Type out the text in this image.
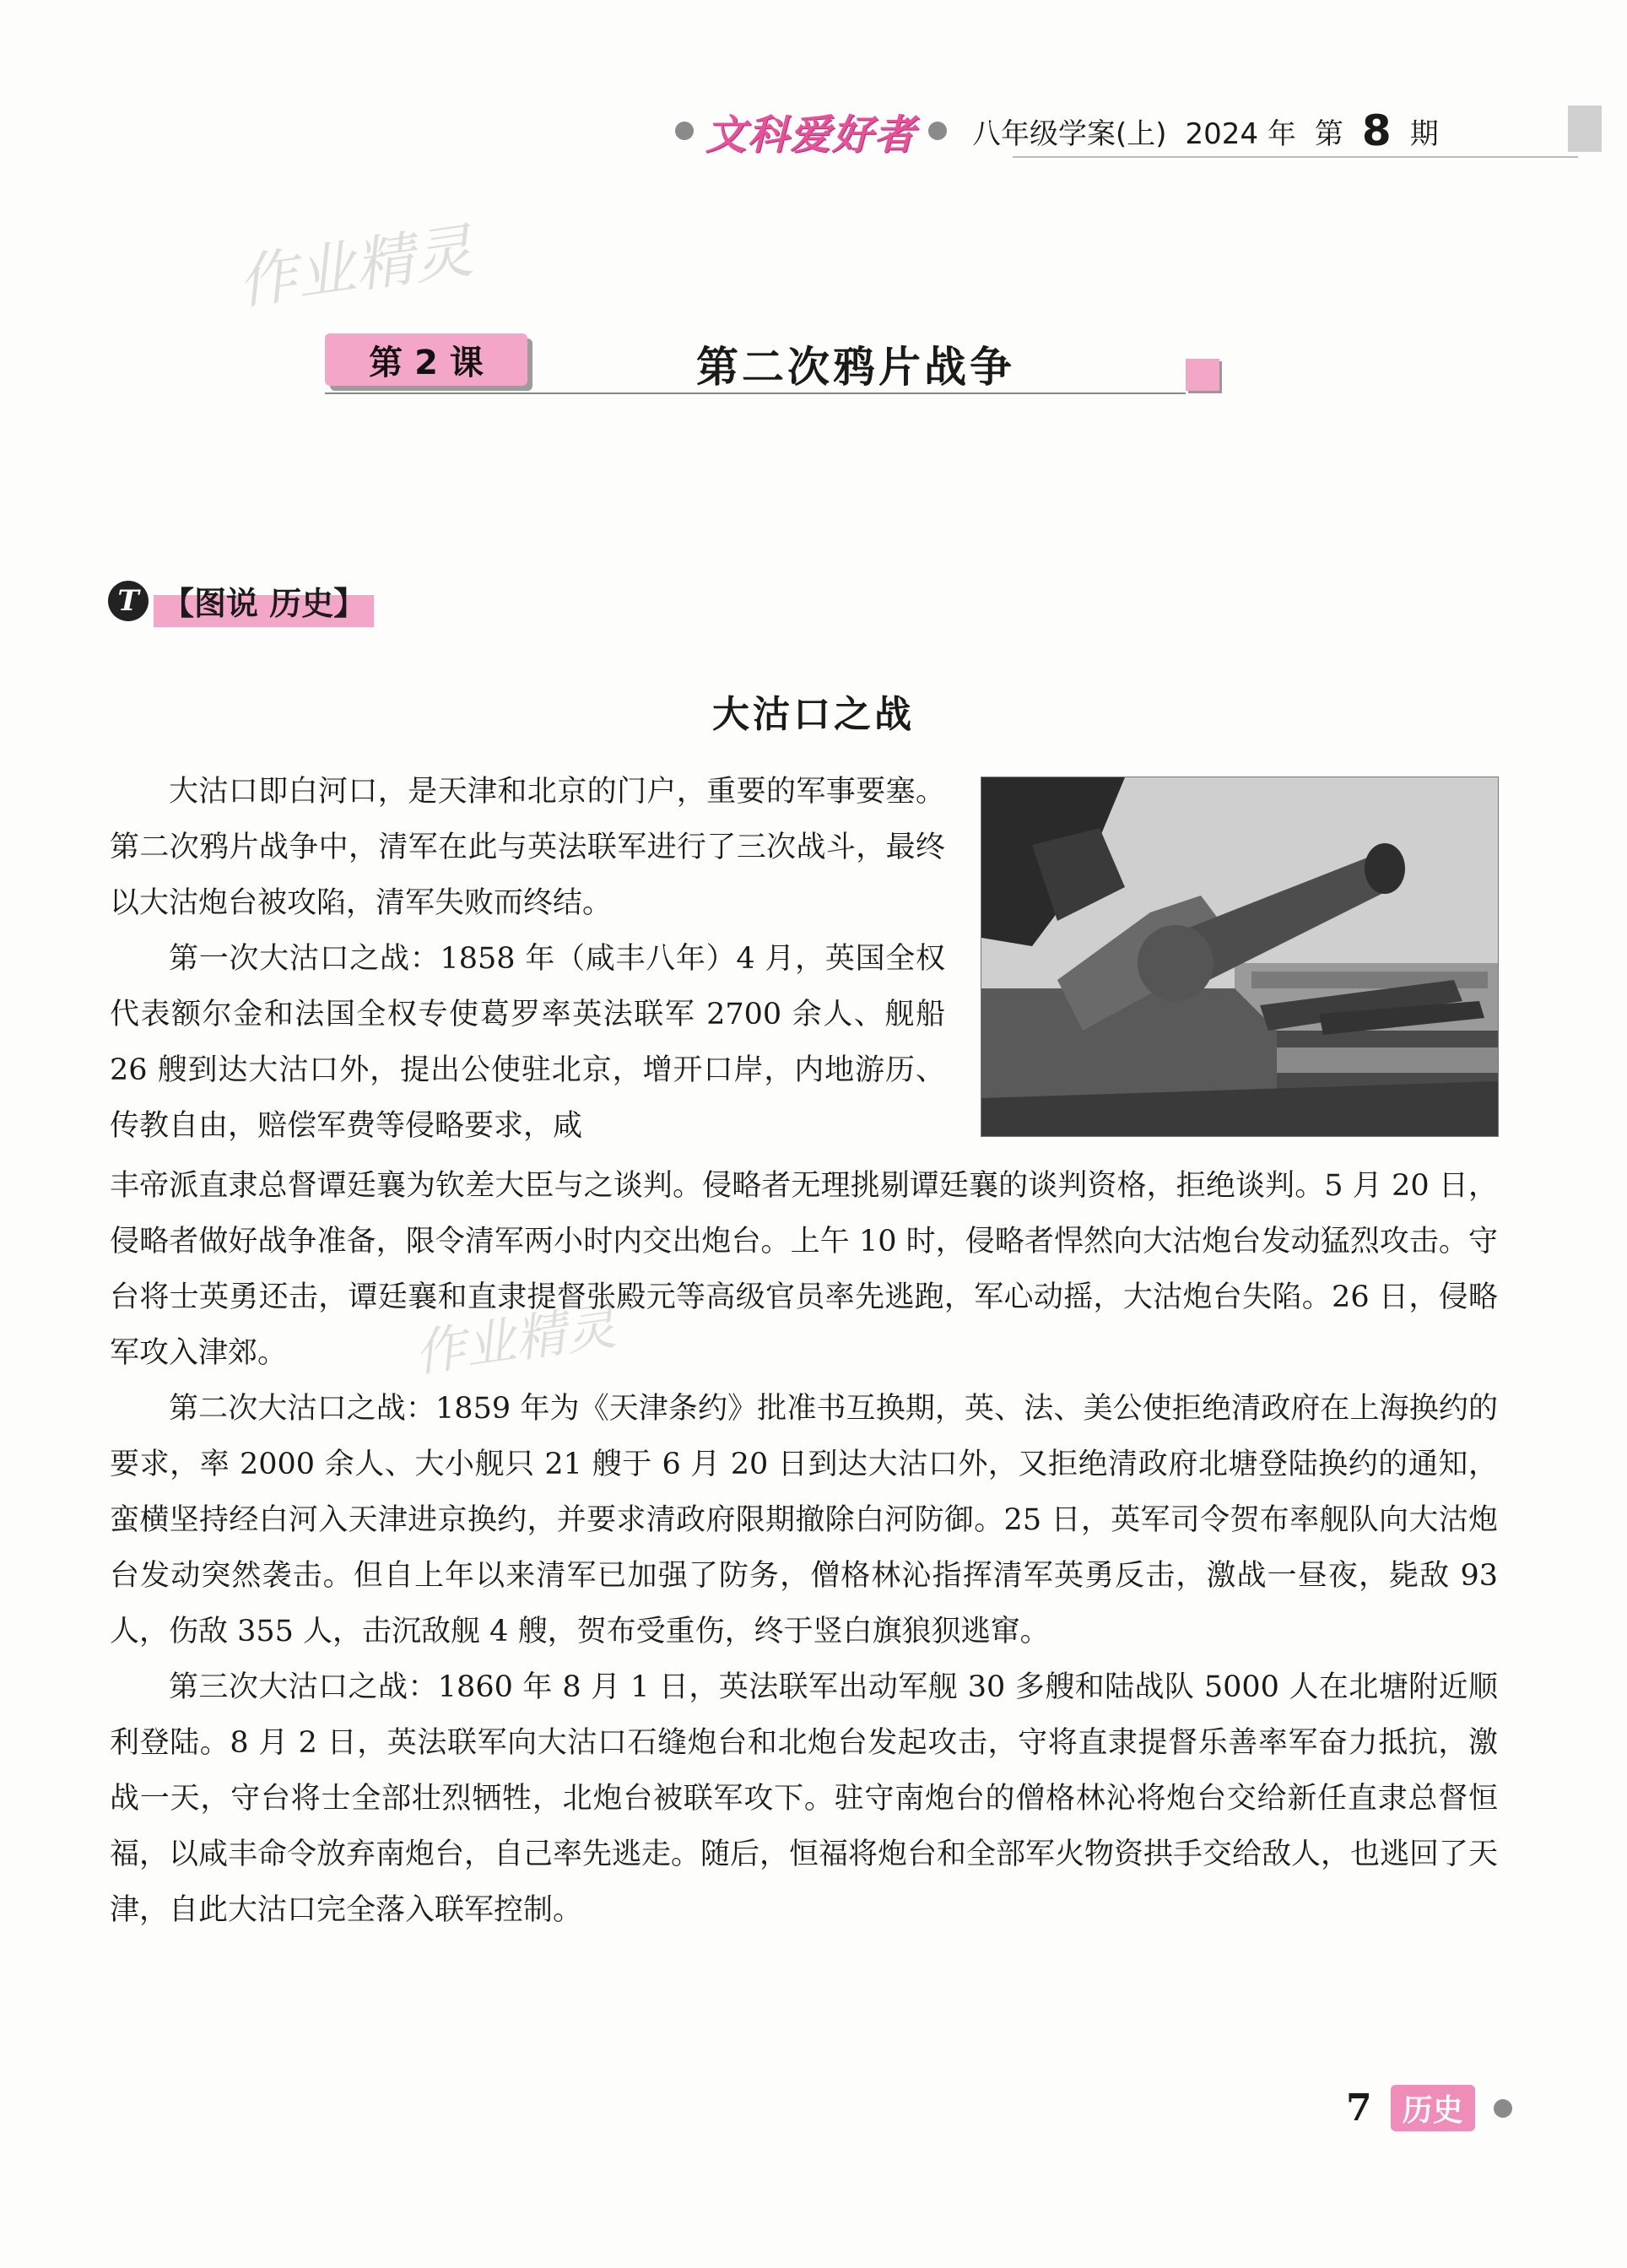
文科爱好者 八年级学案(上) 2024 年 第 8 期
作业精灵
第 2 课	第二次鸦片战争
T 【图说 历史】
大沽口之战

大沽口即白河口，是天津和北京的门户，重要的军事要塞。第二次鸦片战争中，清军在此与英法联军进行了三次战斗，最终以大沽炮台被攻陷，清军失败而终结。

第一次大沽口之战：1858 年（咸丰八年）4 月，英国全权代表额尔金和法国全权专使葛罗率英法联军 2700 余人、舰船 26 艘到达大沽口外，提出公使驻北京，增开口岸，内地游历、传教自由，赔偿军费等侵略要求，咸

丰帝派直隶总督谭廷襄为钦差大臣与之谈判。侵略者无理挑剔谭廷襄的谈判资格，拒绝谈判。5 月 20 日，侵略者做好战争准备，限令清军两小时内交出炮台。上午 10 时，侵略者悍然向大沽炮台发动猛烈攻击。守台将士英勇还击，谭廷襄和直隶提督张殿元等高级官员率先逃跑，军心动摇，大沽炮台失陷。26 日，侵略军攻入津郊。

第二次大沽口之战：1859 年为《天津条约》批准书互换期，英、法、美公使拒绝清政府在上海换约的要求，率 2000 余人、大小舰只 21 艘于 6 月 20 日到达大沽口外，又拒绝清政府北塘登陆换约的通知，蛮横坚持经白河入天津进京换约，并要求清政府限期撤除白河防御。25 日，英军司令贺布率舰队向大沽炮台发动突然袭击。但自上年以来清军已加强了防务，僧格林沁指挥清军英勇反击，激战一昼夜，毙敌 93 人，伤敌 355 人，击沉敌舰 4 艘，贺布受重伤，终于竖白旗狼狈逃窜。

第三次大沽口之战：1860 年 8 月 1 日，英法联军出动军舰 30 多艘和陆战队 5000 人在北塘附近顺利登陆。8 月 2 日，英法联军向大沽口石缝炮台和北炮台发起攻击，守将直隶提督乐善率军奋力抵抗，激战一天，守台将士全部壮烈牺牲，北炮台被联军攻下。驻守南炮台的僧格林沁将炮台交给新任直隶总督恒福，以咸丰命令放弃南炮台，自己率先逃走。随后，恒福将炮台和全部军火物资拱手交给敌人，也逃回了天津，自此大沽口完全落入联军控制。

作业精灵
7	历史
